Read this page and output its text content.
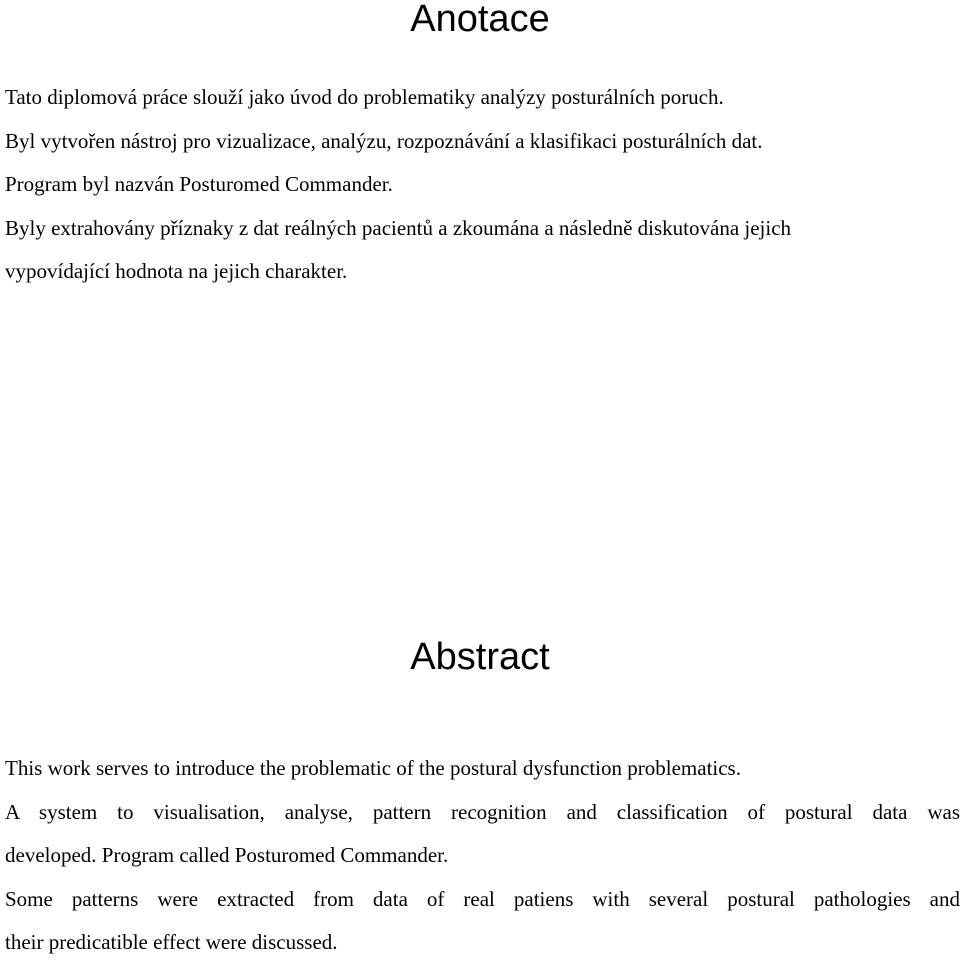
Anotace
Tato diplomová práce slouží jako úvod do problematiky analýzy posturálních poruch.
Byl vytvořen nástroj pro vizualizace, analýzu, rozpoznávání a klasifikaci posturálních dat.
Program byl nazván Posturomed Commander.
Byly extrahovány příznaky z dat reálných pacientů a zkoumána a následně diskutována jejich
vypovídající hodnota na jejich charakter.
Abstract
This work serves to introduce the problematic of the postural dysfunction problematics.
A system to visualisation, analyse, pattern recognition and classification of postural data was
developed. Program called Posturomed Commander.
Some patterns were extracted from data of real patiens with several postural pathologies and
their predicatible effect were discussed.
